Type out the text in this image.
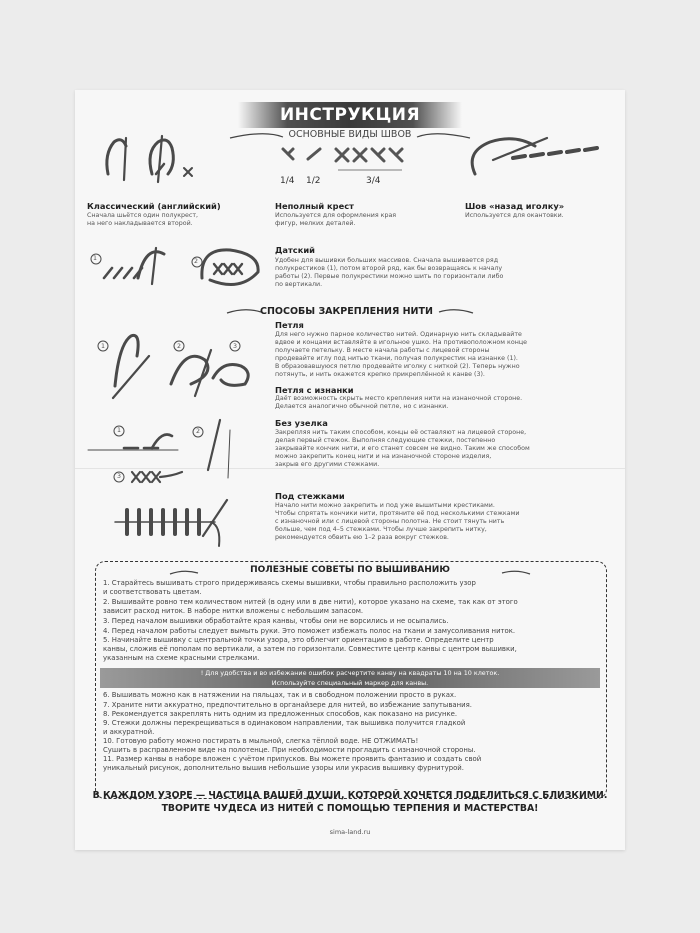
ИНСТРУКЦИЯ
ОСНОВНЫЕ ВИДЫ ШВОВ
1/4 1/2	3/4
Классический (английский)
Сначала шьётся один полукрест,
на него накладывается второй.
Неполный крест
Используется для оформления края
фигур, мелких деталей.
Шов «назад иголку»
Используется для окантовки.
1	2
Датский
Удобен для вышивки больших массивов. Сначала вышивается ряд
полукрестиков (1), потом второй ряд, как бы возвращаясь к началу
работы (2). Первые полукрестики можно шить по горизонтали либо
по вертикали.
СПОСОБЫ ЗАКРЕПЛЕНИЯ НИТИ
1	2	3
Петля
Для него нужно парное количество нитей. Одинарную нить складывайте
вдвое и концами вставляйте в игольное ушко. На противоположном конце
получаете петельку. В месте начала работы с лицевой стороны
продевайте иглу под нитью ткани, получая полукрестик на изнанке (1).
В образовавшуюся петлю продевайте иголку с ниткой (2). Теперь нужно
потянуть, и нить окажется крепко прикреплённой к канве (3).
Петля с изнанки
Даёт возможность скрыть место крепления нити на изнаночной стороне.
Делается аналогично обычной петле, но с изнанки.
1	2
3
Без узелка
Закрепляя нить таким способом, концы её оставляют на лицевой стороне,
делая первый стежок. Выполняя следующие стежки, постепенно
закрывайте кончик нити, и его станет совсем не видно. Таким же способом
можно закрепить конец нити и на изнаночной стороне изделия,
закрыв его другими стежками.
Под стежками
Начало нити можно закрепить и под уже вышитыми крестиками.
Чтобы спрятать кончики нити, протяните её под несколькими стежками
с изнаночной или с лицевой стороны полотна. Не стоит тянуть нить
больше, чем под 4–5 стежками. Чтобы лучше закрепить нитку,
рекомендуется обвить ею 1–2 раза вокруг стежков.
ПОЛЕЗНЫЕ СОВЕТЫ ПО ВЫШИВАНИЮ
1. Старайтесь вышивать строго придерживаясь схемы вышивки, чтобы правильно расположить узор
и соответствовать цветам.
2. Вышивайте ровно тем количеством нитей (в одну или в две нити), которое указано на схеме, так как от этого
зависит расход ниток. В наборе нитки вложены с небольшим запасом.
3. Перед началом вышивки обработайте края канвы, чтобы они не ворсились и не осыпались.
4. Перед началом работы следует вымыть руки. Это поможет избежать полос на ткани и замусоливания ниток.
5. Начинайте вышивку с центральной точки узора, это облегчит ориентацию в работе. Определите центр
канвы, сложив её пополам по вертикали, а затем по горизонтали. Совместите центр канвы с центром вышивки,
указанным на схеме красными стрелками.
! Для удобства и во избежание ошибок расчертите канву на квадраты 10 на 10 клеток.
Используйте специальный маркер для канвы.
6. Вышивать можно как в натяжении на пяльцах, так и в свободном положении просто в руках.
7. Храните нити аккуратно, предпочтительно в органайзере для нитей, во избежание запутывания.
8. Рекомендуется закреплять нить одним из предложенных способов, как показано на рисунке.
9. Стежки должны перекрещиваться в одинаковом направлении, так вышивка получится гладкой
и аккуратной.
10. Готовую работу можно постирать в мыльной, слегка тёплой воде. НЕ ОТЖИМАТЬ!
Сушить в расправленном виде на полотенце. При необходимости прогладить с изнаночной стороны.
11. Размер канвы в наборе вложен с учётом припусков. Вы можете проявить фантазию и создать свой
уникальный рисунок, дополнительно вышив небольшие узоры или украсив вышивку фурнитурой.
В КАЖДОМ УЗОРЕ — ЧАСТИЦА ВАШЕЙ ДУШИ, КОТОРОЙ ХОЧЕТСЯ ПОДЕЛИТЬСЯ С БЛИЗКИМИ.
ТВОРИТЕ ЧУДЕСА ИЗ НИТЕЙ С ПОМОЩЬЮ ТЕРПЕНИЯ И МАСТЕРСТВА!
sima-land.ru
